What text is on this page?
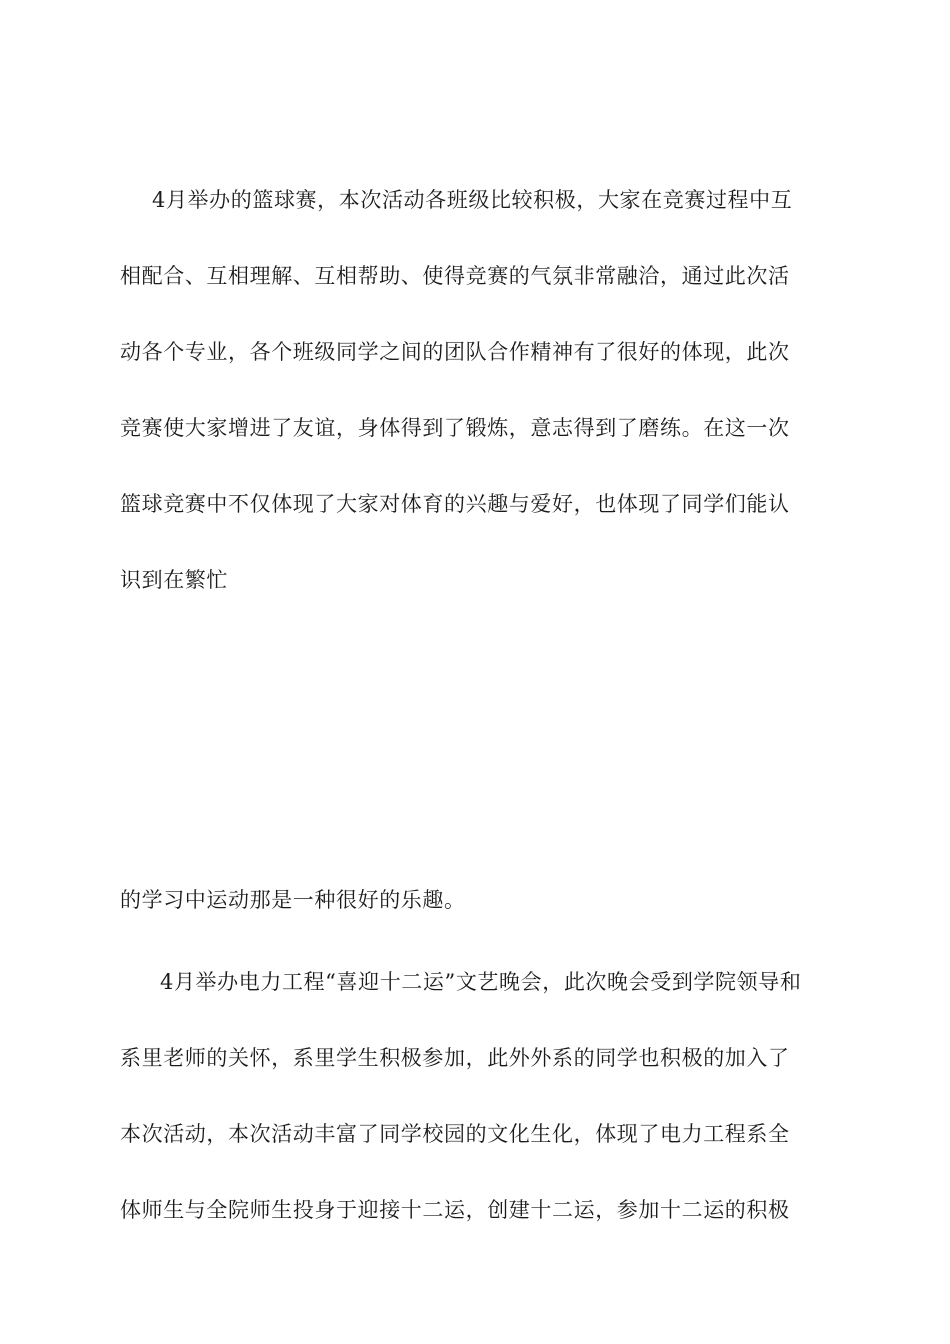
4月举办的篮球赛，本次活动各班级比较积极，大家在竞赛过程中互
相配合、互相理解、互相帮助、使得竞赛的气氛非常融洽，通过此次活
动各个专业，各个班级同学之间的团队合作精神有了很好的体现，此次
竞赛使大家增进了友谊，身体得到了锻炼，意志得到了磨练。在这一次
篮球竞赛中不仅体现了大家对体育的兴趣与爱好，也体现了同学们能认
识到在繁忙
的学习中运动那是一种很好的乐趣。
4月举办电力工程“喜迎十二运”文艺晚会，此次晚会受到学院领导和
系里老师的关怀，系里学生积极参加，此外外系的同学也积极的加入了
本次活动，本次活动丰富了同学校园的文化生化，体现了电力工程系全
体师生与全院师生投身于迎接十二运，创建十二运，参加十二运的积极
